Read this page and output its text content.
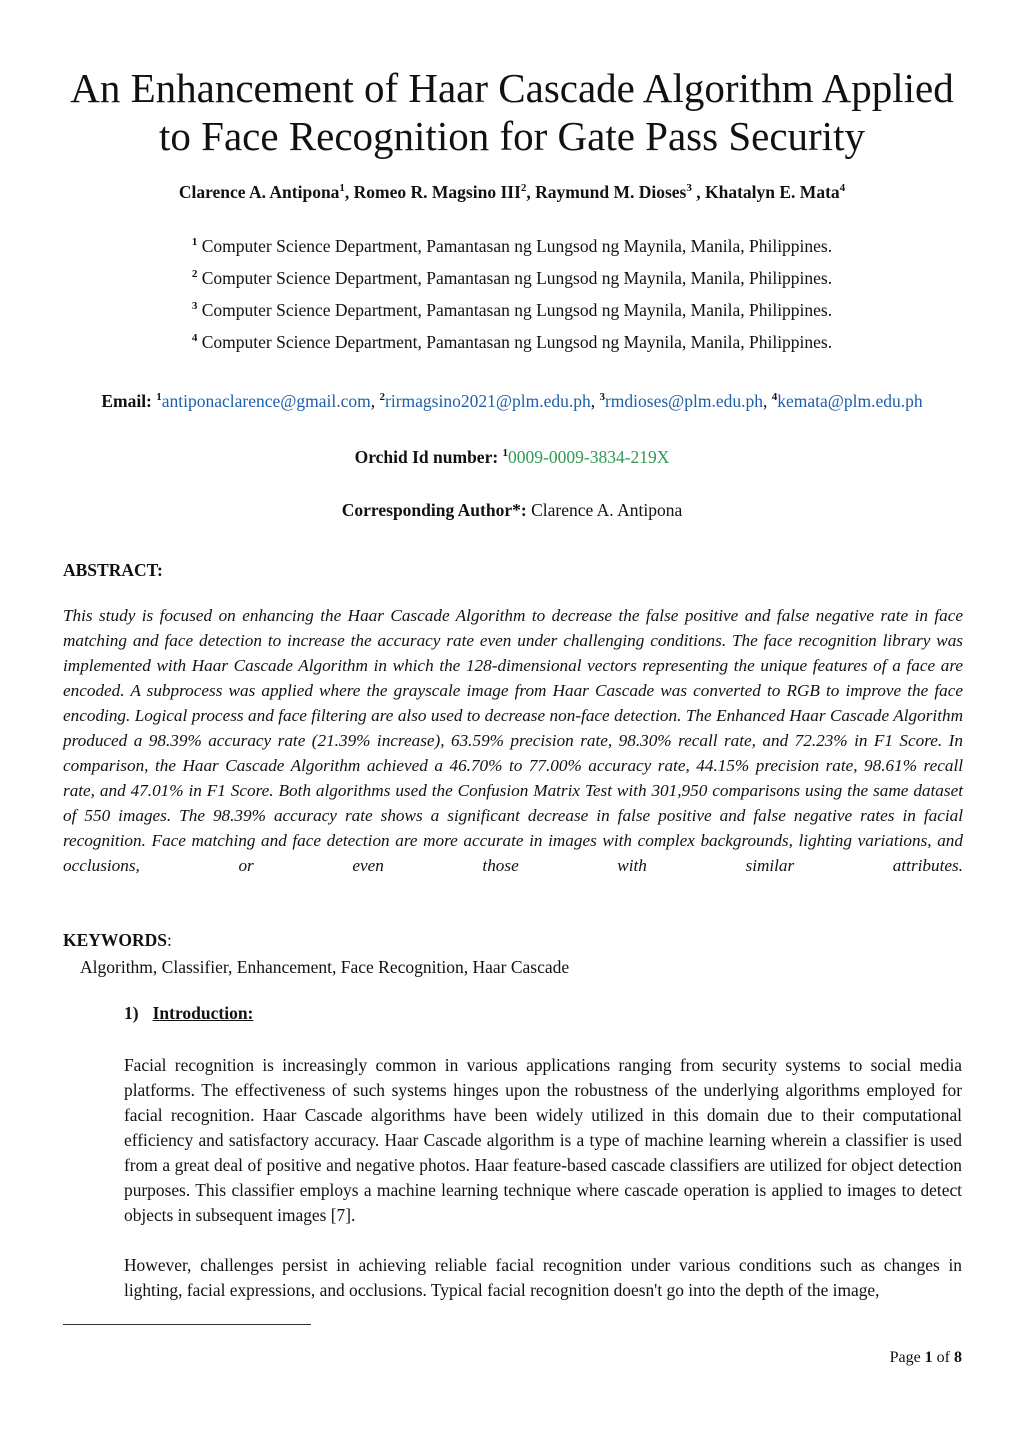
An Enhancement of Haar Cascade Algorithm Applied
to Face Recognition for Gate Pass Security
Clarence A. Antipona$^1$, Romeo R. Magsino III$^2$, Raymund M. Dioses$^3$ , Khatalyn E. Mata$^4$
$^1$ Computer Science Department, Pamantasan ng Lungsod ng Maynila, Manila, Philippines.
$^2$ Computer Science Department, Pamantasan ng Lungsod ng Maynila, Manila, Philippines.
$^3$ Computer Science Department, Pamantasan ng Lungsod ng Maynila, Manila, Philippines.
$^4$ Computer Science Department, Pamantasan ng Lungsod ng Maynila, Manila, Philippines.
Email: $^1$antiponaclarence@gmail.com, $^2$rirmagsino2021@plm.edu.ph, $^3$rmdioses@plm.edu.ph, $^4$kemata@plm.edu.ph
Orchid Id number: $^1$0009-0009-3834-219X
Corresponding Author*: Clarence A. Antipona
ABSTRACT:
This study is focused on enhancing the Haar Cascade Algorithm to decrease the false positive and false negative rate in face matching and face detection to increase the accuracy rate even under challenging conditions. The face recognition library was implemented with Haar Cascade Algorithm in which the 128-dimensional vectors representing the unique features of a face are encoded. A subprocess was applied where the grayscale image from Haar Cascade was converted to RGB to improve the face encoding. Logical process and face filtering are also used to decrease non-face detection. The Enhanced Haar Cascade Algorithm produced a 98.39% accuracy rate (21.39% increase), 63.59% precision rate, 98.30% recall rate, and 72.23% in F1 Score. In comparison, the Haar Cascade Algorithm achieved a 46.70% to 77.00% accuracy rate, 44.15% precision rate, 98.61% recall rate, and 47.01% in F1 Score. Both algorithms used the Confusion Matrix Test with 301,950 comparisons using the same dataset of 550 images. The 98.39% accuracy rate shows a significant decrease in false positive and false negative rates in facial recognition. Face matching and face detection are more accurate in images with complex backgrounds, lighting variations, and occlusions, or even those with similar attributes.
KEYWORDS:
Algorithm, Classifier, Enhancement, Face Recognition, Haar Cascade
1) Introduction:
Facial recognition is increasingly common in various applications ranging from security systems to social media platforms. The effectiveness of such systems hinges upon the robustness of the underlying algorithms employed for facial recognition. Haar Cascade algorithms have been widely utilized in this domain due to their computational efficiency and satisfactory accuracy. Haar Cascade algorithm is a type of machine learning wherein a classifier is used from a great deal of positive and negative photos. Haar feature-based cascade classifiers are utilized for object detection purposes. This classifier employs a machine learning technique where cascade operation is applied to images to detect objects in subsequent images [7].
However, challenges persist in achieving reliable facial recognition under various conditions such as changes in lighting, facial expressions, and occlusions. Typical facial recognition doesn't go into the depth of the image,
Page 1 of 8
